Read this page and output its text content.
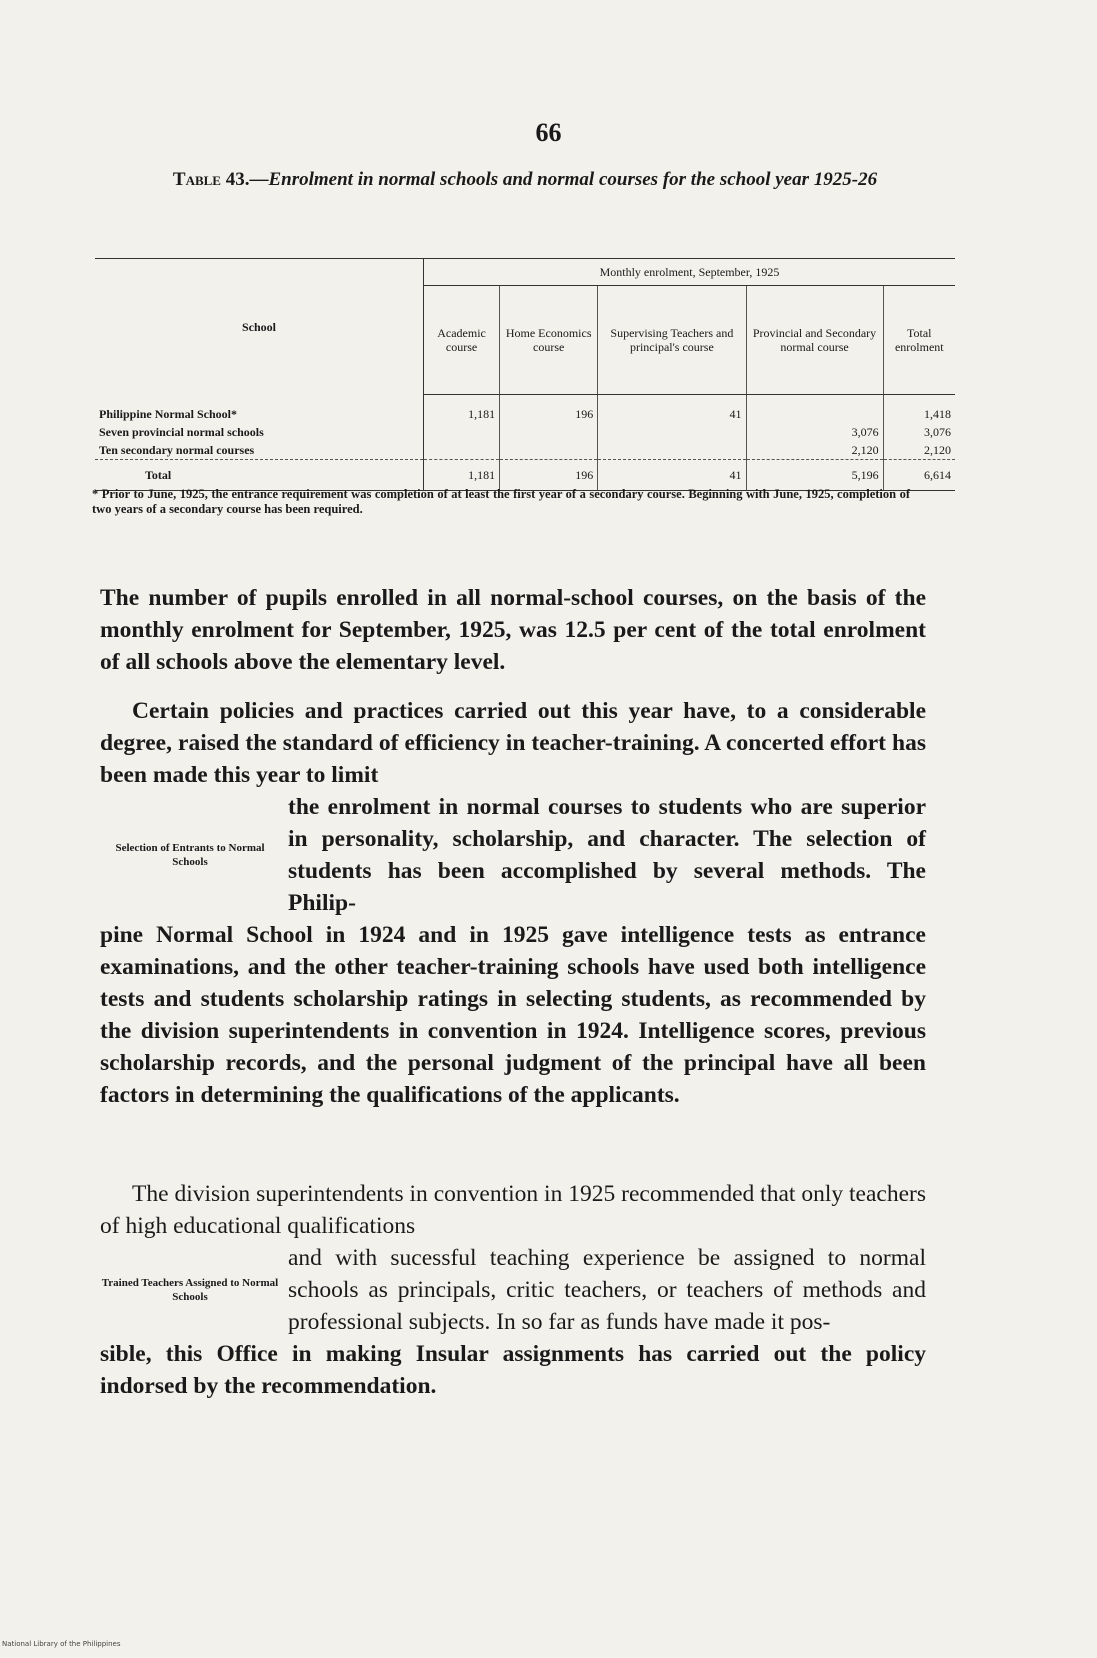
66
Table 43.—Enrolment in normal schools and normal courses for the school year 1925-26
School	Monthly enrolment, September, 1925				
	Academic course	Home Economics course	Supervising Teachers and principal's course	Provincial and Secondary normal course	Total enrolment
Philippine Normal School*	1,181	196	41		1,418
Seven provincial normal schools				3,076	3,076
Ten secondary normal courses				2,120	2,120
Total	1,181	196	41	5,196	6,614
* Prior to June, 1925, the entrance requirement was completion of at least the first year of a secondary course. Beginning with June, 1925, completion of two years of a secondary course has been required.

The number of pupils enrolled in all normal-school courses, on the basis of the monthly enrolment for September, 1925, was 12.5 per cent of the total enrolment of all schools above the elementary level.

Certain policies and practices carried out this year have, to a considerable degree, raised the standard of efficiency in teacher-training. A concerted effort has been made this year to limit

Selection of Entrants to Normal Schools
the enrolment in normal courses to students who are superior in personality, scholarship, and character. The selection of students has been accomplished by several methods. The Philip-

pine Normal School in 1924 and in 1925 gave intelligence tests as entrance examinations, and the other teacher-training schools have used both intelligence tests and students scholarship ratings in selecting students, as recommended by the division superintendents in convention in 1924. Intelligence scores, previous scholarship records, and the personal judgment of the principal have all been factors in determining the qualifications of the applicants.

The division superintendents in convention in 1925 recommended that only teachers of high educational qualifications

Trained Teachers Assigned to Normal Schools
and with sucessful teaching experience be assigned to normal schools as principals, critic teachers, or teachers of methods and professional subjects. In so far as funds have made it pos-

sible, this Office in making Insular assignments has carried out the policy indorsed by the recommendation.

National Library of the Philippines
